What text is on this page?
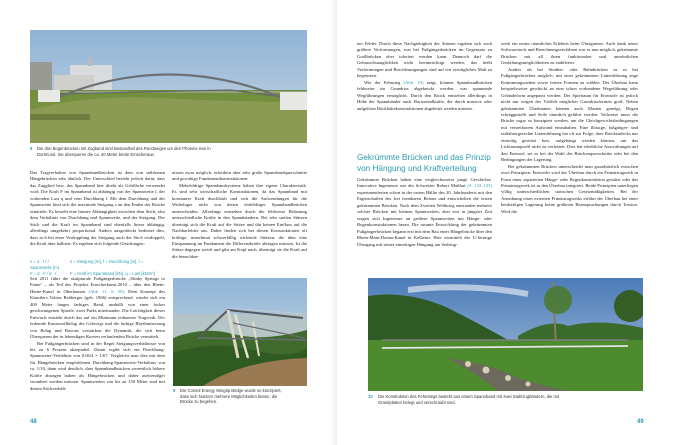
8	Die drei Bogenbrücken mit Zugband sind Bestandteil des Rundweges um den Phoenix-See in Dortmund. Sie überqueren die ca. 40 Meter breite Emscheraue.

Das Tragverhalten von Spannbandbrücken ist dem von stählernen Hängebrücken sehr ähnlich. Der Unterschied besteht jedoch darin, dass das Zugglied bzw. das Spannband hier direkt als Gehfläche verwendet wird. Die Kraft F im Spannband ist abhängig von der Spannweite l, der wirkenden Last q und vom Durchhang f. Mit dem Durchhang und der Spannweite lässt sich die maximale Steigung s an den Enden der Brücke ermitteln. Es besteht eine lineare Abhängigkeit zwischen dem Stich, also dem Verhältnis von Durchhang und Spannweite, und der Steigung. Der Stich und die Kraft im Spannband sind ebenfalls linear abhängig, allerdings umgekehrt proportional. Anders ausgedrückt bedeutet dies, dass sich bei einer Verdopplung der Steigung auch der Stich verdoppelt, die Kraft aber halbiert. Es ergeben sich folgende Gleichungen:

s = 4 · f / l	s = Steigung [%], f = Durchhang [m], l = Spannweite [m]
F = q · l² / 8 · f	F = Kraft im Spannband [kN], q = Last [kN/m²]

Seit 2011 führt die skulpturale Fußgängerbrücke „Slinky Springs to Fame“ – als Teil des Projekts Emscherkunst.2010 – über den Rhein-Herne-Kanal in Oberhausen (Abb. 11, S. 50). Dem Konzept des Künstlers Tobias Rehberger (geb. 1966) entsprechend, windet sich ein 400 Meter langes farbiges Band, umhüllt von einer locker geschwungenen Spirale, zwei Parks miteinander. Die Leichtigkeit dieses Entwurfs entsteht durch das auf ein Minimum reduzierte Tragwerk. Der federnde Kunststoffbelag des Gehwegs und die farbige Rhythmisierung von Belag und Ravons verstärken die Dynamik, die sich beim Überqueren der in lebendigen Kurven verlaufenden Brücke vermittelt.

Bei Fußgängerbrücken sind in der Regel Steigungsverhältnisse von bis zu 6 Prozent akzeptabel. Damit ergibt sich ein Durchhang-Spannweite-Verhältnis von 0,06/4 = 1/67. Vergleicht man dies mit dem für Hängebrücken empfohlenen Durchhang-Spannweite-Verhältnis von ca. 1/10, dann wird deutlich, dass Spannbandbrücken wesentlich höhere Kräfte abtragen haben als Hängebrücken und daher aufwendiger verankert werden müssen. Spannweiten von bis zu 150 Meter sind mit diesen Stichverhält-

nissen zwar möglich, erfordern aber sehr große Spannbandquerschnitte und gewaltige Fundamentkonstruktionen.

Mehrfeldrige Spannbandsysteme haben ihre eigene Charakteristik. Es sind sehr wirtschaftliche Konstruktionen, da das Spannband mit konstanter Kraft durchläuft und sich die Aufwendungen für die Widerlager nicht von denen einfeldriger Spannbandbrücken unterscheiden. Allerdings entstehen durch die feldweise Belastung unterschiedliche Kräfte in den Spannbändern. Bei sehr steifen Stützen überträgt sich die Kraft auf die Stütze und übt keinen Einfluss auf die Nachbarfelder aus. Daher finden sich bei diesen Konstruktionen oft kräftige, manchmal schwerfällig wirkende Stützen, die über eine Einspannung im Fundament die Differenzkräfte abtragen müssen. Ist die Stütze dagegen weich und gibt am Kopf nach, überträgt sie die Kraft auf die benachbar-

9	Die Consol Energy Wingtip Bridge wurde so konzipiert, dass sich Nutzern mehrere Möglichkeiten bieten, die Brücke zu begehen.
48

ten Felder. Durch diese Nachgiebigkeit der Stützen ergeben sich auch größere Verformungen, was bei Fußgängerbrücken im Gegensatz zu Großbrücken eher toleriert werden kann. Dennoch darf die Gebrauchstauglichkeit nicht beeinträchtigt werden, das heißt Verformungen und Beschleunigungen sind auf ein verträgliches Maß zu begrenzen.

Wie der Fehnsteg (Abb. 10) zeigt, können Spannbandbrücken feldweise im Grundriss abgeknickt werden, was spannende Wegführungen ermöglicht. Durch den Knick entstehen allerdings in Höhe der Spannbänder auch Horizontalkräfte, die durch massive oder aufgelöste Rückhaltekonstruktionen abgeleitet werden müssen.

Gekrümmte Brücken und das Prinzip
von Hängung und Kraftverteilung

Gekrümmte Brücken haben eine vergleichsweise junge Geschichte. Innovative Ingenieure wie der Schweizer Robert Maillart (S. 132–133) experimentierten schon in der ersten Hälfte des 20. Jahrhunderts mit den Eigenschaften des frei formbaren Betons und entwickelten die ersten gekrümmten Brücken. Nach dem Zweiten Weltkrieg entstanden mehrere solcher Brücken mit kleinen Spannweiten, aber erst in jüngster Zeit wagen sich Ingenieure an größere Spannweiten mit Hänge- oder Bogenkonstruktionen heran. Die rasante Entwicklung der gekrümmten Fußgängerbrücken begann erst mit dem Bau einer Hängebrücke über den Rhein-Main-Donau-Kanal in Kelheim: Hier vermittelt der U-förmige Übergang mit seiner einseitigen Hängung am Seilring-

werk ein neues räumliches Erlebnis beim Übergueren. Auch dank neuer Softwaretools und Berechnungsverfahren war es nun möglich, gekrümmte Brücken mit all ihren funktionalen und ansehnlichen Gestaltungsmöglichkeiten zu etablieren.

Anders als bei Straßen- oder Bahnbrücken ist es bei Fußgängerbrücken möglich, mit einer gekrümmten Linienführung enge Krümmungsradien sowie freiere Formen zu wählen. Der Überbau kann beispielsweise geschickt an eine schon vorhandene Wegeführung oder Geländeform angepasst werden. Der Spielraum für Entwürfe ist jedoch nicht nur wegen der Vielfalt möglicher Grundrissformen groß: Neben gekrümmten Überbauten können auch Masten geneigt, Bögen schräggestellt und Seile räumlich geführt werden. Teilweise muss die Brücke sogar so konzipiert werden, um die Gleichgewichtsbedingungen mit vertretbarem Aufwand einzuhalten. Eine flüssige, fußgänger- und radfahrergerechte Linienführung hat oft zur Folge, dass Brückendecks nur einseitig gestützt bzw. aufgehängt werden können, um das Lichtraumprofil nicht zu verletzen. Dies hat erhebliche Auswirkungen auf den Entwurf, sei es bei der Wahl des Brückenquerschnitts oder bei den Bedingungen der Lagerung.

Bei gekrümmten Brücken unterscheidet man grundsätzlich zwischen zwei Prinzipien: Entweder wird der Überbau durch ein Primärtragwerk in Form einer separierten Hänge- oder Bogenkonstruktion gestützt oder das Primärtragwerk ist in den Überbau integriert. Beide Prinzipien unterliegen völlig unterschiedlichen statischen Gesetzmäßigkeiten. Bei der Anordnung eines externen Primärtragwerks erfährt der Überbau bei einer beidseitigen Lagerung keine größeren Beanspruchungen durch Torsion. Wird die

10	Die Konstruktion des Fehnstegs besteht aus einem Spannband mit zwei Stahlzugbändern, die mit Granitplatten belegt und verschraubt sind.
49
